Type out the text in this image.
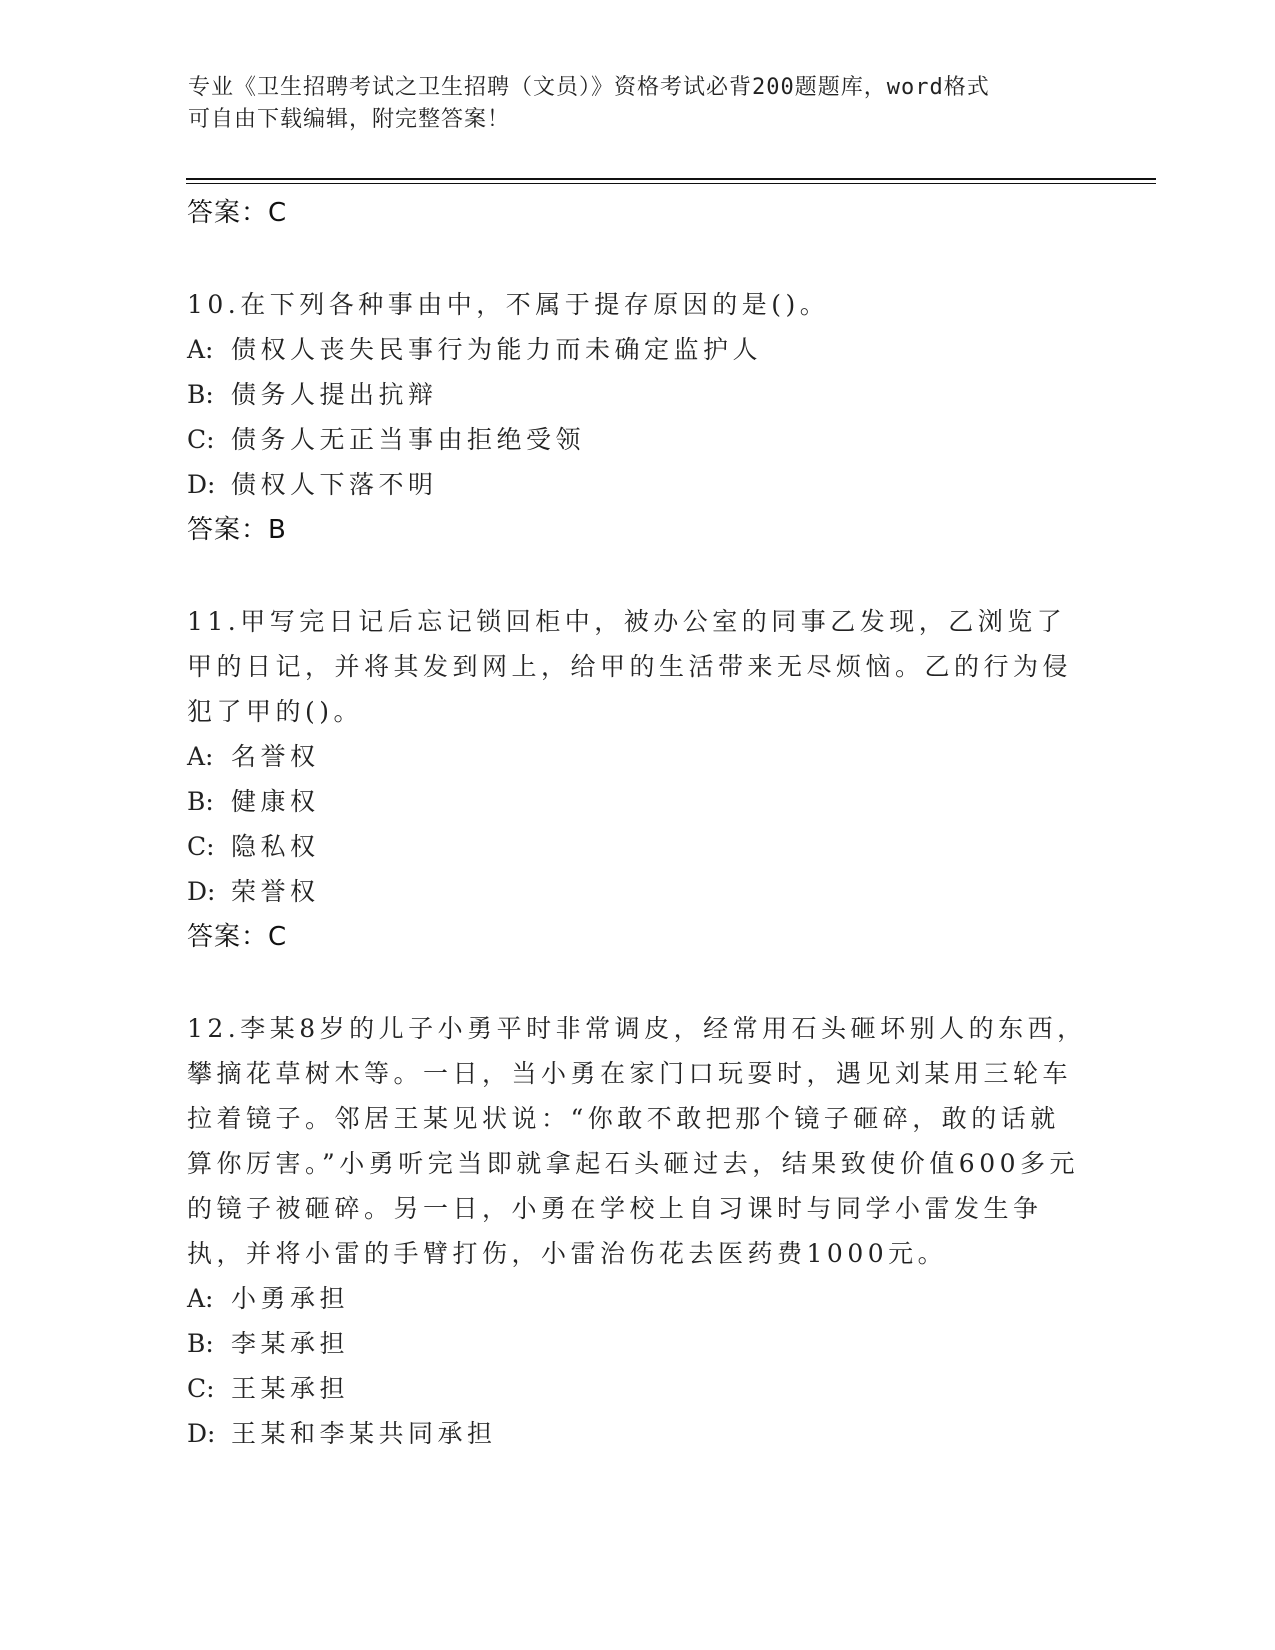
专业《卫生招聘考试之卫生招聘（文员）》资格考试必背200题题库，word格式
可自由下载编辑，附完整答案！
答案：C
10.在下列各种事由中，不属于提存原因的是()。
A: 债权人丧失民事行为能力而未确定监护人
B: 债务人提出抗辩
C: 债务人无正当事由拒绝受领
D: 债权人下落不明
答案：B
11.甲写完日记后忘记锁回柜中，被办公室的同事乙发现，乙浏览了甲的日记，并将其发到网上，给甲的生活带来无尽烦恼。乙的行为侵犯了甲的()。
A: 名誉权
B: 健康权
C: 隐私权
D: 荣誉权
答案：C
12.李某8岁的儿子小勇平时非常调皮，经常用石头砸坏别人的东西，攀摘花草树木等。一日，当小勇在家门口玩耍时，遇见刘某用三轮车拉着镜子。邻居王某见状说：“你敢不敢把那个镜子砸碎，敢的话就算你厉害。”小勇听完当即就拿起石头砸过去，结果致使价值600多元的镜子被砸碎。另一日，小勇在学校上自习课时与同学小雷发生争执，并将小雷的手臂打伤，小雷治伤花去医药费1000元。
A: 小勇承担
B: 李某承担
C: 王某承担
D: 王某和李某共同承担
